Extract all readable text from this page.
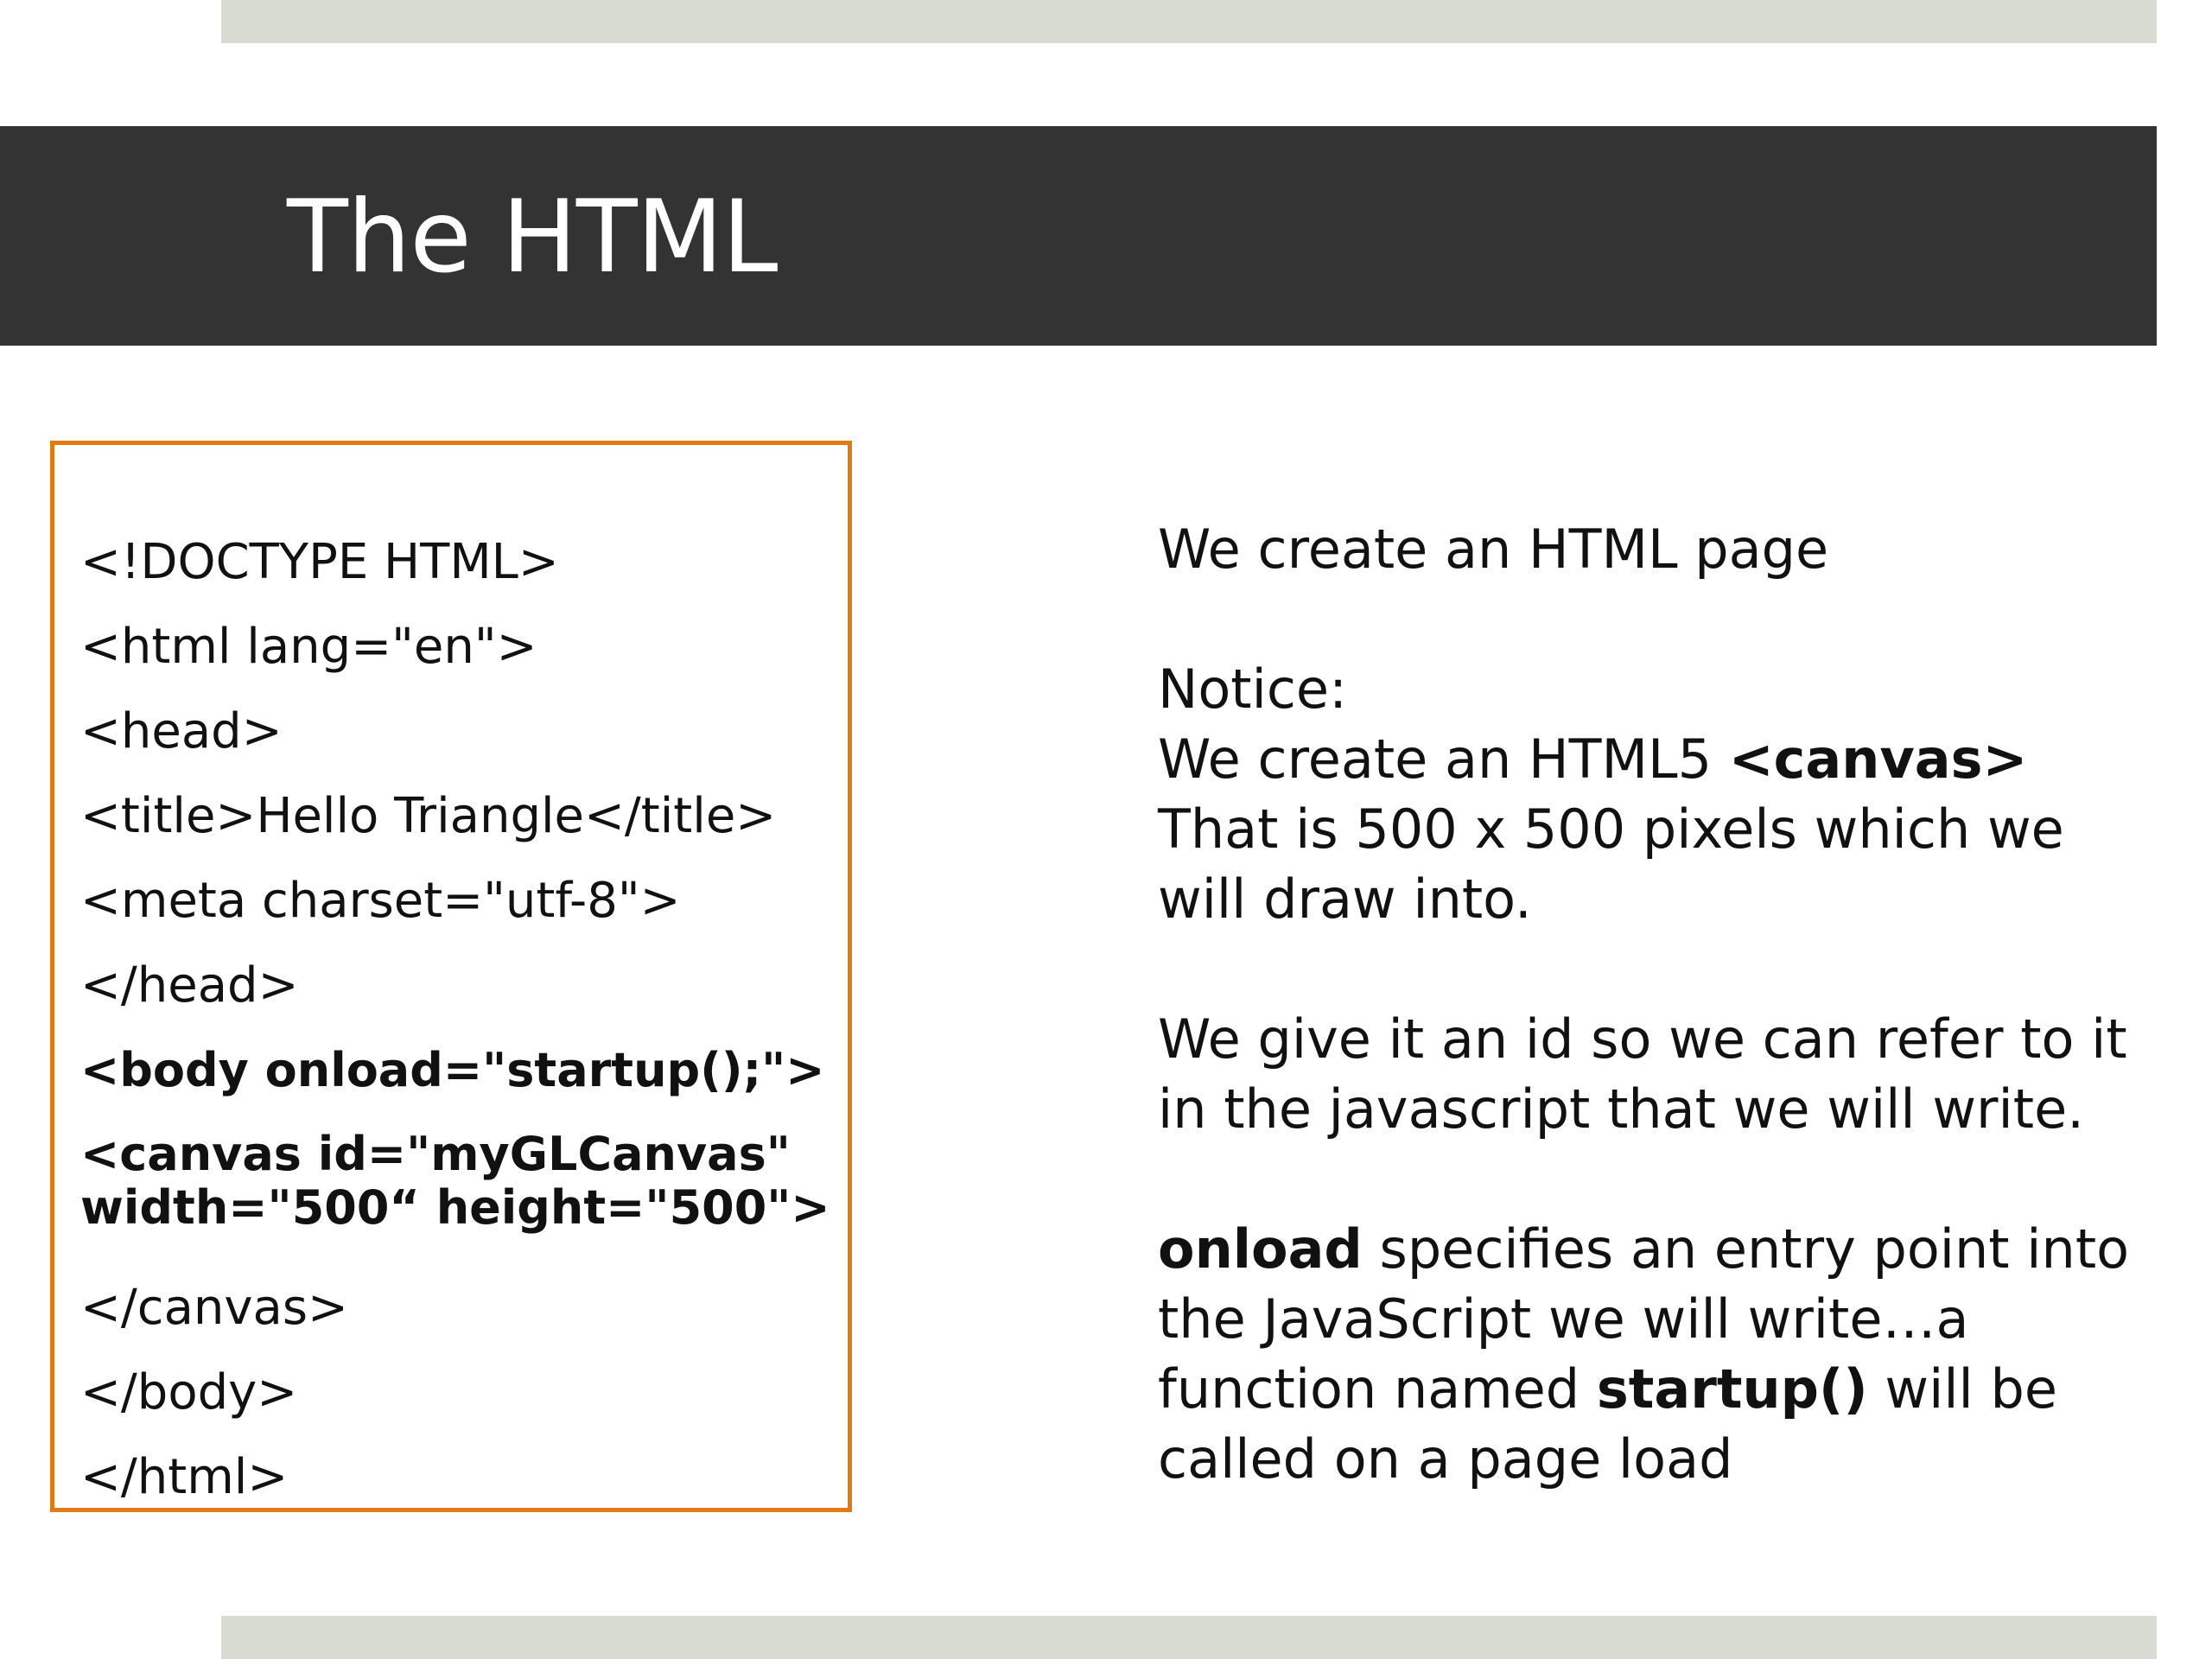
The HTML
<!DOCTYPE HTML>
<html lang="en">
<head>
<title>Hello Triangle</title>
<meta charset="utf-8">
</head>
<body onload="startup();">
<canvas id="myGLCanvas" width="500“ height="500">
</canvas>
</body>
</html>

We create an HTML page

Notice:

We create an HTML5 <canvas>

That is 500 x 500 pixels which we will draw into.

We give it an id so we can refer to it in the javascript that we will write.

onload specifies an entry point into the JavaScript we will write…a function named startup() will be called on a page load
